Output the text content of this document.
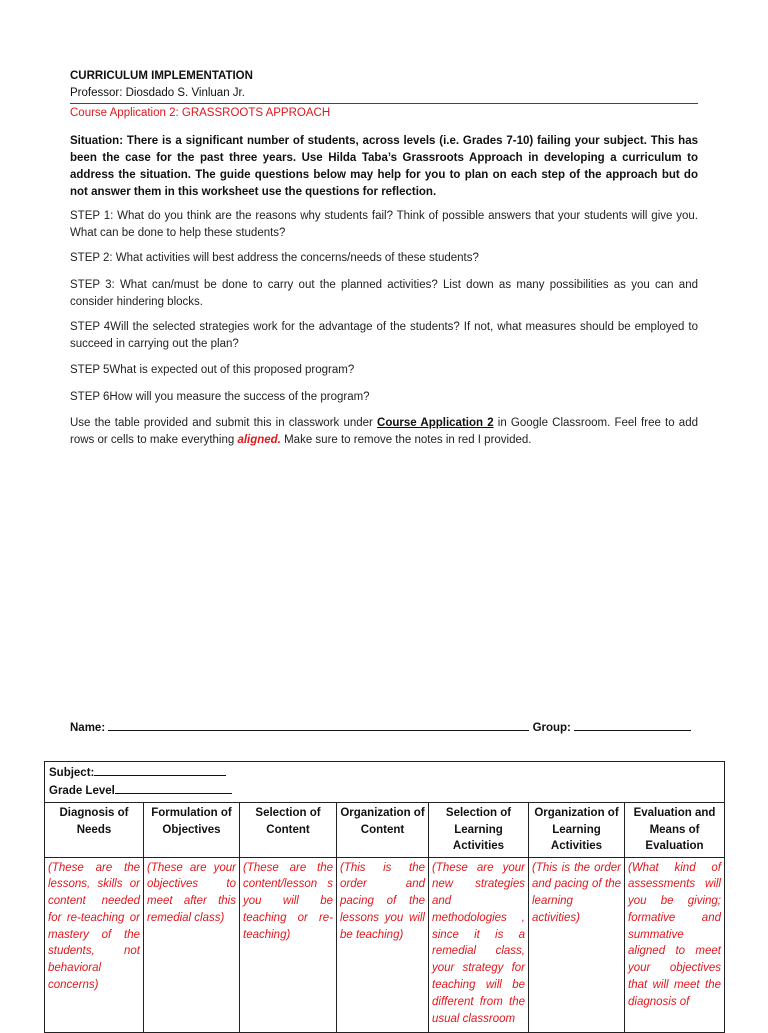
CURRICULUM IMPLEMENTATION
Professor: Diosdado S. Vinluan Jr.
Course Application 2: GRASSROOTS APPROACH
Situation: There is a significant number of students, across levels (i.e. Grades 7-10) failing your subject. This has been the case for the past three years. Use Hilda Taba’s Grassroots Approach in developing a curriculum to address the situation. The guide questions below may help for you to plan on each step of the approach but do not answer them in this worksheet use the questions for reflection.
STEP 1: What do you think are the reasons why students fail? Think of possible answers that your students will give you. What can be done to help these students?
STEP 2: What activities will best address the concerns/needs of these students?
STEP 3: What can/must be done to carry out the planned activities? List down as many possibilities as you can and consider hindering blocks.
STEP 4Will the selected strategies work for the advantage of the students? If not, what measures should be employed to succeed in carrying out the plan?
STEP 5What is expected out of this proposed program?
STEP 6How will you measure the success of the program?
Use the table provided and submit this in classwork under Course Application 2 in Google Classroom. Feel free to add rows or cells to make everything aligned. Make sure to remove the notes in red I provided.
Name:	Group:
Subject:
Grade Level						

Diagnosis of Needs	Formulation of Objectives	Selection of Content	Organization of Content	Selection of Learning Activities	Organization of Learning Activities	Evaluation and Means of Evaluation
(These are the lessons, skills or content needed for re-teaching or mastery of the students, not behavioral concerns)	(These are your objectives to meet after this remedial class)	(These are the content/lesson s you will be teaching or re-teaching)	(This is the order and pacing of the lessons you will be teaching)	(These are your new strategies and methodologies , since it is a remedial class, your strategy for teaching will be different from the usual classroom	(This is the order and pacing of the learning activities)	(What kind of assessments will you be giving; formative and summative aligned to meet your objectives that will meet the diagnosis of
